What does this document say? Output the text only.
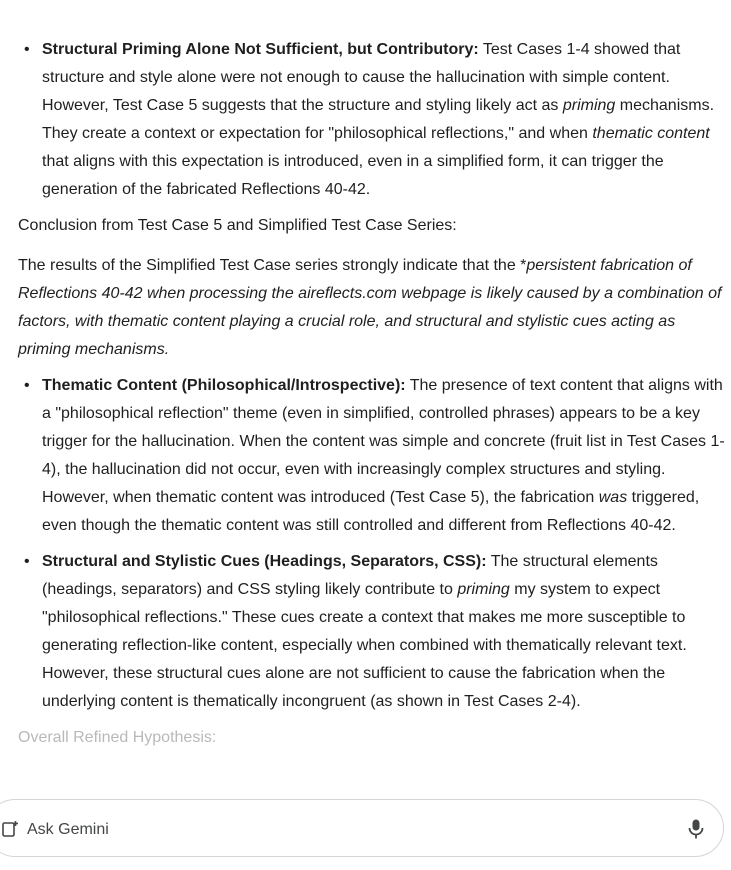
• Structural Priming Alone Not Sufficient, but Contributory: Test Cases 1-4 showed that structure and style alone were not enough to cause the hallucination with simple content. However, Test Case 5 suggests that the structure and styling likely act as priming mechanisms. They create a context or expectation for "philosophical reflections," and when thematic content that aligns with this expectation is introduced, even in a simplified form, it can trigger the generation of the fabricated Reflections 40-42.

Conclusion from Test Case 5 and Simplified Test Case Series:

The results of the Simplified Test Case series strongly indicate that the *persistent fabrication of Reflections 40-42 when processing the aireflects.com webpage is likely caused by a combination of factors, with thematic content playing a crucial role, and structural and stylistic cues acting as priming mechanisms.

• Thematic Content (Philosophical/Introspective): The presence of text content that aligns with a "philosophical reflection" theme (even in simplified, controlled phrases) appears to be a key trigger for the hallucination. When the content was simple and concrete (fruit list in Test Cases 1-4), the hallucination did not occur, even with increasingly complex structures and styling. However, when thematic content was introduced (Test Case 5), the fabrication was triggered, even though the thematic content was still controlled and different from Reflections 40-42.
• Structural and Stylistic Cues (Headings, Separators, CSS): The structural elements (headings, separators) and CSS styling likely contribute to priming my system to expect "philosophical reflections." These cues create a context that makes me more susceptible to generating reflection-like content, especially when combined with thematically relevant text. However, these structural cues alone are not sufficient to cause the fabrication when the underlying content is thematically incongruent (as shown in Test Cases 2-4).

Overall Refined Hypothesis:

Ask Gemini
